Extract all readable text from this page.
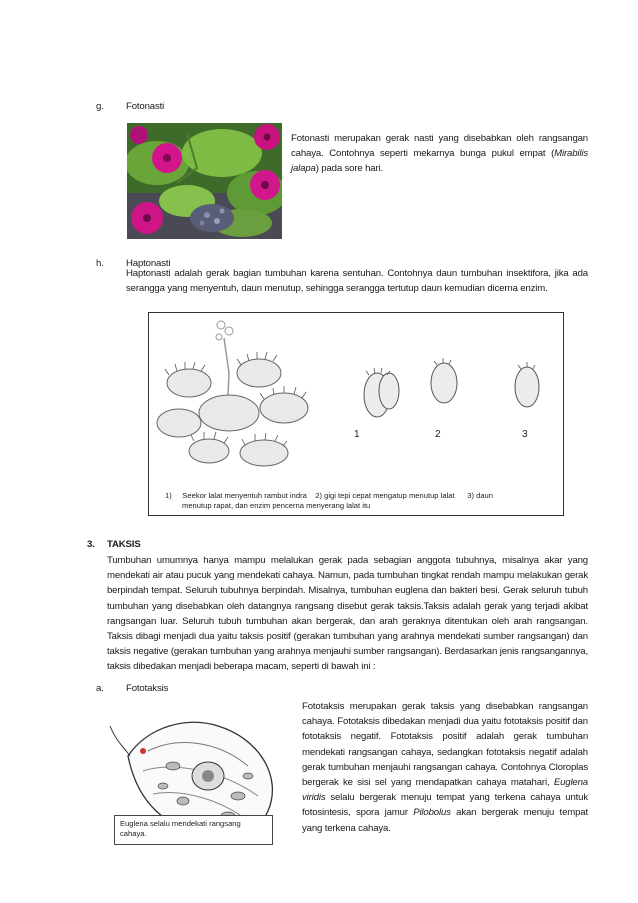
g. Fotonasti
Fotonasti merupakan gerak nasti yang disebabkan oleh rangsangan cahaya. Contohnya seperti mekarnya bunga pukul empat (Mirabilis jalapa) pada sore hari.
h. Haptonasti
Haptonasti adalah gerak bagian tumbuhan karena sentuhan. Contohnya daun tumbuhan insektifora, jika ada serangga yang menyentuh, daun menutup, sehingga serangga tertutup daun kemudian dicerna enzim.
1	2	3
1)     Seekor lalat menyentuh rambut indra    2) gigi tepi cepat mengatup menutup lalat      3) daun
menutup rapat, dan enzim pencerna menyerang lalat itu
3. TAKSIS
Tumbuhan umumnya hanya mampu melalukan gerak pada sebagian anggota tubuhnya, misalnya akar yang mendekati air atau pucuk yang mendekati cahaya. Namun, pada tumbuhan tingkat rendah mampu melakukan gerak berpindah tempat. Seluruh tubuhnya berpindah. Misalnya, tumbuhan euglena dan bakteri besi. Gerak seluruh tubuh tumbuhan yang disebabkan oleh datangnya rangsang disebut gerak taksis.Taksis adalah gerak yang terjadi akibat rangsangan luar. Seluruh tubuh tumbuhan akan bergerak, dan arah geraknya ditentukan oleh arah rangsangan. Taksis dibagi menjadi dua yaitu taksis positif (gerakan tumbuhan yang arahnya mendekati sumber rangsangan) dan taksis negative (gerakan tumbuhan yang arahnya menjauhi sumber rangsangan). Berdasarkan jenis rangsangannya, taksis dibedakan menjadi beberapa macam, seperti di bawah ini :
a. Fototaksis
Euglena selalu mendekati rangsang cahaya.
Fototaksis merupakan gerak taksis yang disebabkan rangsangan cahaya. Fototaksis dibedakan menjadi dua yaitu fototaksis positif dan fototaksis negatif. Fototaksis positif adalah gerak tumbuhan mendekati rangsangan cahaya, sedangkan fototaksis negatif adalah gerak tumbuhan menjauhi rangsangan cahaya. Contohnya Cloroplas bergerak ke sisi sel yang mendapatkan cahaya matahari, Euglena viridis selalu bergerak menuju tempat yang terkena cahaya untuk fotosintesis, spora jamur Pilobolus akan bergerak menuju tempat yang terkena cahaya.
